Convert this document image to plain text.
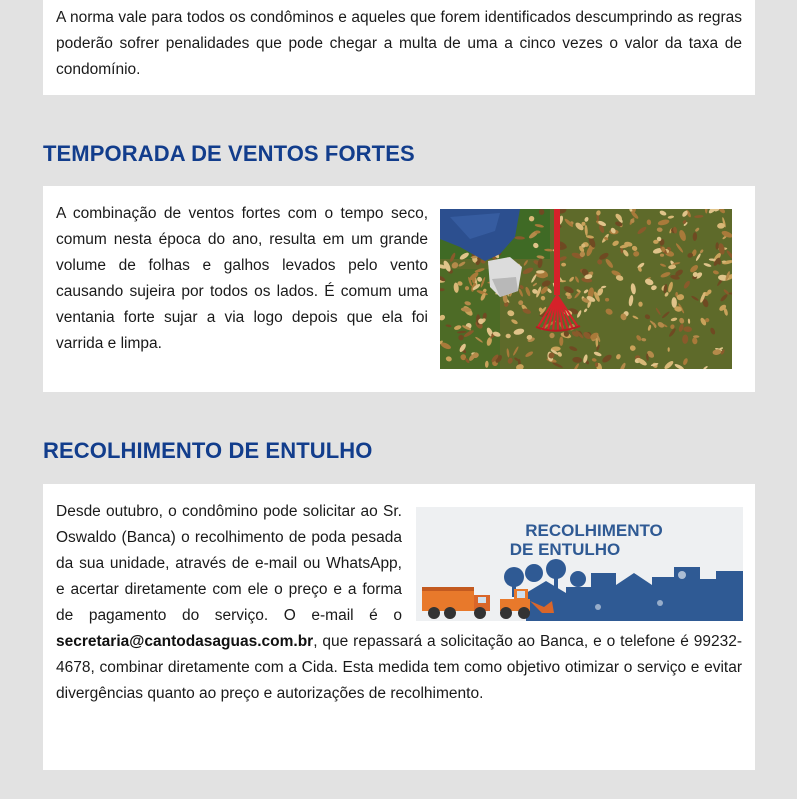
A norma vale para todos os condôminos e aqueles que forem identificados descumprindo as regras poderão sofrer penalidades que pode chegar a multa de uma a cinco vezes o valor da taxa de condomínio.

TEMPORADA DE VENTOS FORTES

A combinação de ventos fortes com o tempo seco, comum nesta época do ano, resulta em um grande volume de folhas e galhos levados pelo vento causando sujeira por todos os lados. É comum uma ventania forte sujar a via logo depois que ela foi varrida e limpa.

RECOLHIMENTO DE ENTULHO
RECOLHIMENTO
DE ENTULHO

Desde outubro, o condômino pode solicitar ao Sr. Oswaldo (Banca) o recolhimento de poda pesada da sua unidade, através de e-mail ou WhatsApp, e acertar diretamente com ele o preço e a forma de pagamento do serviço. O e-mail é o secretaria@cantodasaguas.com.br, que repassará a solicitação ao Banca, e o telefone é 99232-4678, combinar diretamente com a Cida. Esta medida tem como objetivo otimizar o serviço e evitar divergências quanto ao preço e autorizações de recolhimento.
